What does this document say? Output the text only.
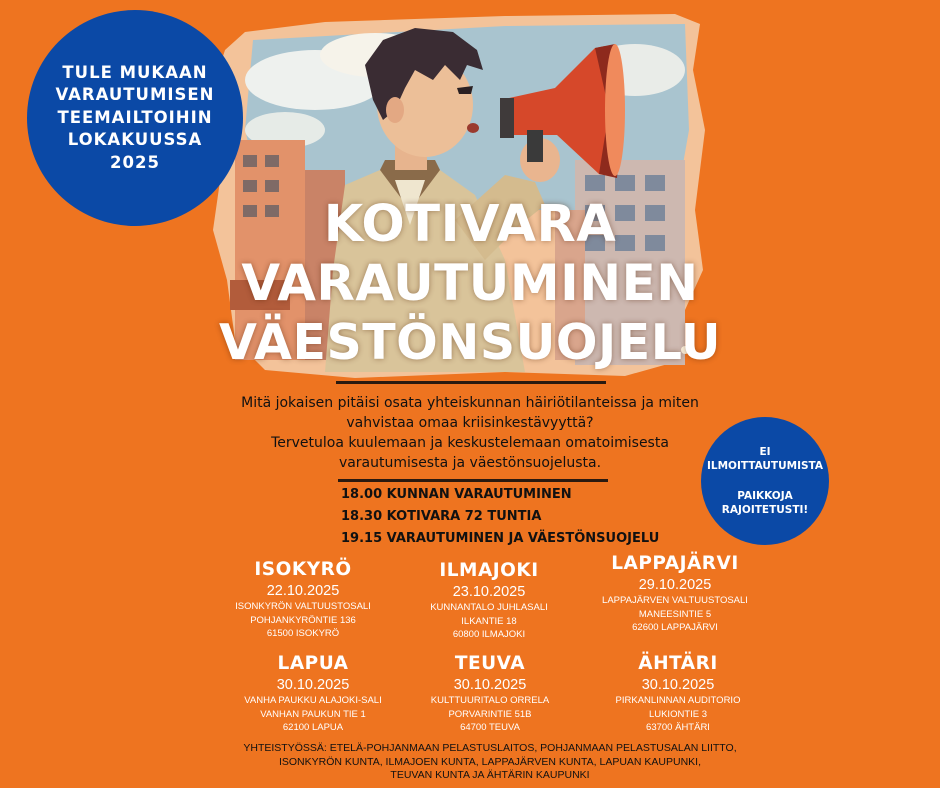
TULE MUKAAN
VARAUTUMISEN
TEEMAILTOIHIN
LOKAKUUSSA
2025
KOTIVARA
VARAUTUMINEN
VÄESTÖNSUOJELU
Mitä jokaisen pitäisi osata yhteiskunnan häiriötilanteissa ja miten
vahvistaa omaa kriisinkestävyyttä?
Tervetuloa kuulemaan ja keskustelemaan omatoimisesta
varautumisesta ja väestönsuojelusta.
18.00 KUNNAN VARAUTUMINEN
18.30 KOTIVARA 72 TUNTIA
19.15 VARAUTUMINEN JA VÄESTÖNSUOJELU
EI
ILMOITTAUTUMISTA
PAIKKOJA
RAJOITETUSTI!
ISOKYRÖ
22.10.2025
ISONKYRÖN VALTUUSTOSALI
POHJANKYRÖNTIE 136
61500 ISOKYRÖ
ILMAJOKI
23.10.2025
KUNNANTALO JUHLASALI
ILKANTIE 18
60800 ILMAJOKI
LAPPAJÄRVI
29.10.2025
LAPPAJÄRVEN VALTUUSTOSALI
MANEESINTIE 5
62600 LAPPAJÄRVI
LAPUA
30.10.2025
VANHA PAUKKU ALAJOKI-SALI
VANHAN PAUKUN TIE 1
62100 LAPUA
TEUVA
30.10.2025
KULTTUURITALO ORRELA
PORVARINTIE 51B
64700 TEUVA
ÄHTÄRI
30.10.2025
PIRKANLINNAN AUDITORIO
LUKIONTIE 3
63700 ÄHTÄRI
YHTEISTYÖSSÄ: ETELÄ-POHJANMAAN PELASTUSLAITOS, POHJANMAAN PELASTUSALAN LIITTO,
ISONKYRÖN KUNTA, ILMAJOEN KUNTA, LAPPAJÄRVEN KUNTA, LAPUAN KAUPUNKI,
TEUVAN KUNTA JA ÄHTÄRIN KAUPUNKI
